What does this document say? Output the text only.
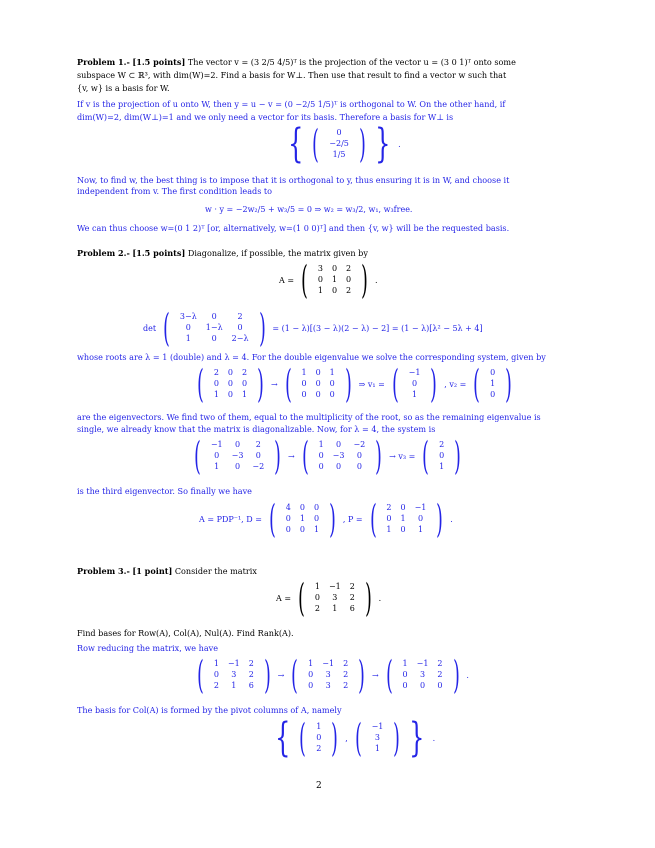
Problem 1.- [1.5 points] The vector v = (3 2/5 4/5)ᵀ is the projection of the vector u = (3 0 1)ᵀ onto some
subspace W ⊂ ℝ³, with dim(W)=2. Find a basis for W⊥. Then use that result to find a vector w such that
{v, w} is a basis for W.
If v is the projection of u onto W, then y = u − v = (0 −2/5 1/5)ᵀ is orthogonal to W. On the other hand, if
dim(W)=2, dim(W⊥)=1 and we only need a vector for its basis. Therefore a basis for W⊥ is
{ (	0
−2/5
1/5 ) } .
Now, to find w, the best thing is to impose that it is orthogonal to y, thus ensuring it is in W, and choose it
independent from v. The first condition leads to
w · y = −2w₂/5 + w₃/5 = 0 ⇒ w₂ = w₃/2, w₁, w₃free.
We can thus choose w=(0 1 2)ᵀ [or, alternatively, w=(1 0 0)ᵀ] and then {v, w} will be the requested basis.
Problem 2.- [1.5 points] Diagonalize, if possible, the matrix given by
A = ( 3 0 2
0 1 0
1 0 2 ) .
det ( 3−λ	0	2
0	1−λ	0
1	0	2−λ ) = (1 − λ)[(3 − λ)(2 − λ) − 2] = (1 − λ)[λ² − 5λ + 4]
whose roots are λ = 1 (double) and λ = 4. For the double eigenvalue we solve the corresponding system, given by
( 2 0 2
0 0 0
1 0 1 ) → ( 1 0 1
0 0 0
0 0 0 ) ⇒ v₁ = ( −1
0
1 ) , v₂ = ( 0
1
0 )
are the eigenvectors. We find two of them, equal to the multiplicity of the root, so as the remaining eigenvalue is
single, we already know that the matrix is diagonalizable. Now, for λ = 4, the system is
( −1	0	2
0	−3	0
1	0	−2 ) → ( 1	0	−2
0 −3	0
0	0	0 ) → v₃ = ( 2
0
1 )
is the third eigenvector. So finally we have
A = PDP⁻¹, D = ( 4 0 0
0 1 0
0 0 1 ) , P = ( 2 0 −1
0 1	0
1 0	1 ) .
Problem 3.- [1 point] Consider the matrix
A = ( 1 −1 2
0	3	2
2	1	6 ) .
Find bases for Row(A), Col(A), Nul(A). Find Rank(A).
Row reducing the matrix, we have
( 1 −1 2
0	3	2
2	1	6 ) → ( 1 −1 2
0	3	2
0	3	2 ) → ( 1 −1 2
0	3	2
0	0	0 ) .
The basis for Col(A) is formed by the pivot columns of A, namely
{ ( 1
0
2 ) , ( −1
3
1 ) } .
2
